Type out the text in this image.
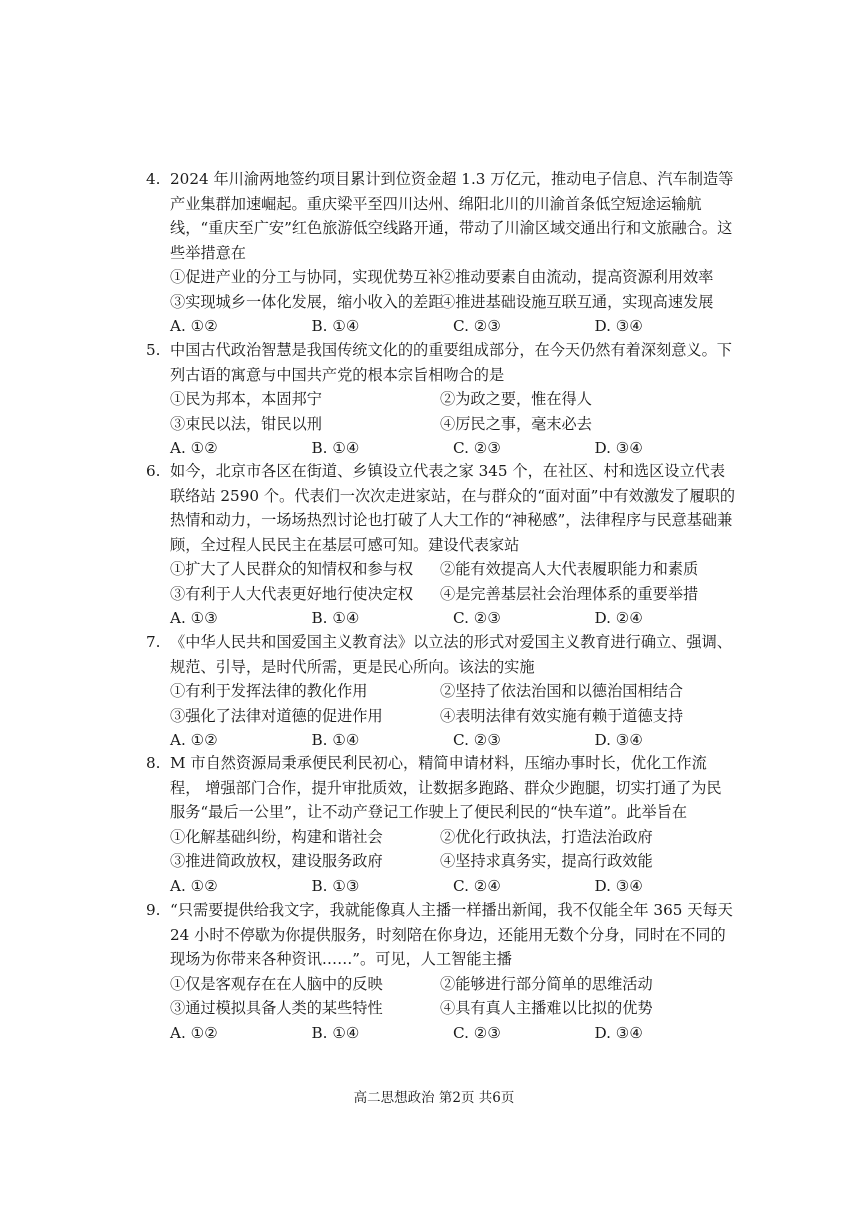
4. 2024 年川渝两地签约项目累计到位资金超 1.3 万亿元，推动电子信息、汽车制造等产业集群加速崛起。重庆梁平至四川达州、绵阳北川的川渝首条低空短途运输航线，“重庆至广安”红色旅游低空线路开通，带动了川渝区域交通出行和文旅融合。这些举措意在

①促进产业的分工与协同，实现优势互补
②推动要素自由流动，提高资源利用效率
③实现城乡一体化发展，缩小收入的差距
④推进基础设施互联互通，实现高速发展
A. ①②	B. ①④	C. ②③	D. ③④

5. 中国古代政治智慧是我国传统文化的的重要组成部分，在今天仍然有着深刻意义。下列古语的寓意与中国共产党的根本宗旨相吻合的是

①民为邦本，本固邦宁	②为政之要，惟在得人
③束民以法，钳民以刑	④厉民之事，毫末必去
A. ①②	B. ①④	C. ②③	D. ③④

6. 如今，北京市各区在街道、乡镇设立代表之家 345 个，在社区、村和选区设立代表联络站 2590 个。代表们一次次走进家站，在与群众的“面对面”中有效激发了履职的热情和动力，一场场热烈讨论也打破了人大工作的“神秘感”，法律程序与民意基础兼顾，全过程人民民主在基层可感可知。建设代表家站

①扩大了人民群众的知情权和参与权	②能有效提高人大代表履职能力和素质
③有利于人大代表更好地行使决定权	④是完善基层社会治理体系的重要举措
A. ①③	B. ①④	C. ②③	D. ②④

7. 《中华人民共和国爱国主义教育法》以立法的形式对爱国主义教育进行确立、强调、规范、引导，是时代所需，更是民心所向。该法的实施

①有利于发挥法律的教化作用	②坚持了依法治国和以德治国相结合
③强化了法律对道德的促进作用	④表明法律有效实施有赖于道德支持
A. ①②	B. ①④	C. ②③	D. ③④

8. M 市自然资源局秉承便民利民初心，精简申请材料，压缩办事时长，优化工作流程， 增强部门合作，提升审批质效，让数据多跑路、群众少跑腿，切实打通了为民服务“最后一公里”，让不动产登记工作驶上了便民利民的“快车道”。此举旨在

①化解基础纠纷，构建和谐社会	②优化行政执法，打造法治政府
③推进简政放权，建设服务政府	④坚持求真务实，提高行政效能
A. ①②	B. ①③	C. ②④	D. ③④

9. “只需要提供给我文字，我就能像真人主播一样播出新闻，我不仅能全年 365 天每天 24 小时不停歇为你提供服务，时刻陪在你身边，还能用无数个分身，同时在不同的现场为你带来各种资讯……”。可见，人工智能主播

①仅是客观存在在人脑中的反映	②能够进行部分简单的思维活动
③通过模拟具备人类的某些特性	④具有真人主播难以比拟的优势
A. ①②	B. ①④	C. ②③	D. ③④
高二思想政治 第2页 共6页
